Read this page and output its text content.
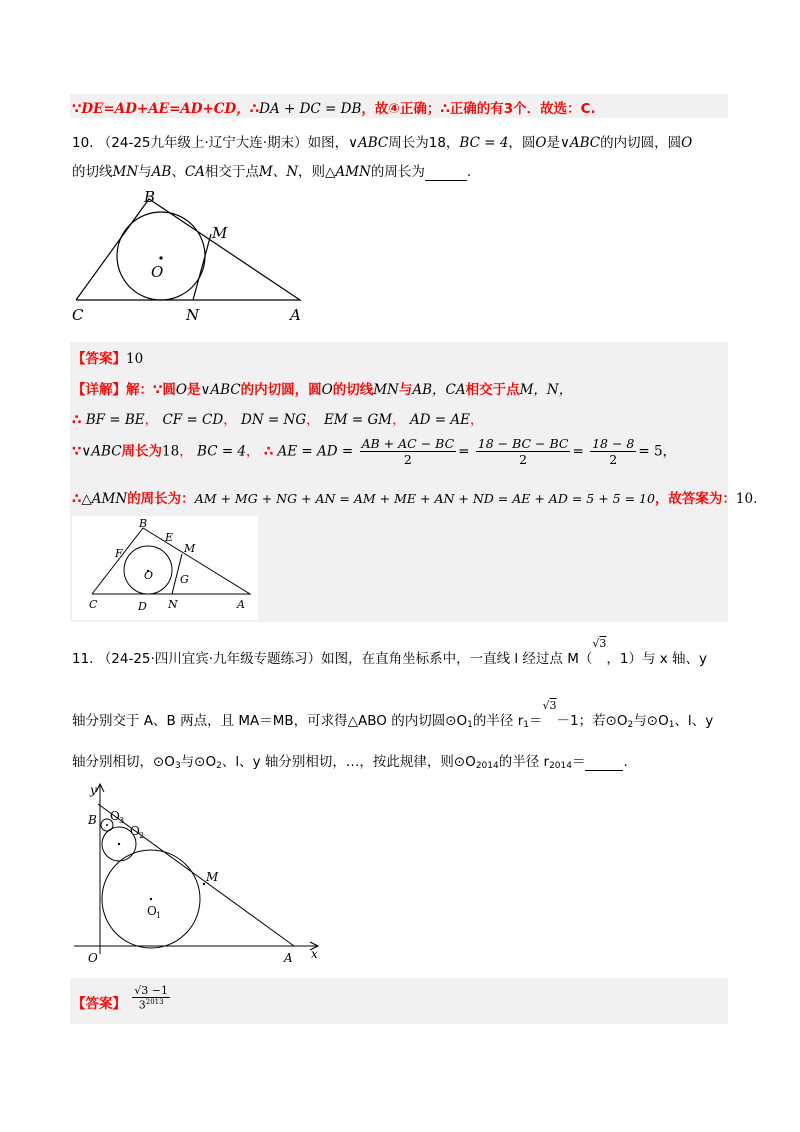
∵DE=AD+AE=AD+CD，∴DA + DC = DB，故④正确；∴正确的有3个．故选：C.
10. （24-25九年级上·辽宁大连·期末）如图，∨ABC周长为18，BC = 4，圆O是∨ABC的内切圆，圆O
的切线MN与AB、CA相交于点M、N，则△AMN的周长为	.
B
M
O
C	N	A
【答案】10
【详解】解：∵圆O是∨ABC的内切圆，圆O的切线MN与AB，CA相交于点M，N，
∴ BF = BE， CF = CD， DN = NG， EM = GM， AD = AE，
∵∨ABC周长为18， BC = 4， ∴ AE = AD = $\frac{AB + AC - BC}{2} = \frac{18 - BC - BC}{2} = \frac{18 - 8}{2} = 5$，
∴△AMN的周长为：AM + MG + NG + AN = AM + ME + AN + ND = AE + AD = 5 + 5 = 10，故答案为：10.
B
E
M
F
O G
C	D N	A
11. （24-25·四川宜宾·九年级专题练习）如图，在直角坐标系中，一直线 l 经过点 M（$^{√3}$，1）与 x 轴、y
轴分别交于 A、B 两点，且 MA＝MB，可求得△ABO 的内切圆$⊙O_1$的半径 $r_1=^{√3}-1$；若$⊙O_2$与$⊙O_1$、l、y
轴分别相切，$⊙O_3$与$⊙O_2$、l、y 轴分别相切，…，按此规律，则$⊙O_{2014}$的半径 $r_{2014}=$	.
y
B O 3
O 2
M
O 1
O	A x
【答案】 $\frac{√3 -1}{3^{2013}}$
